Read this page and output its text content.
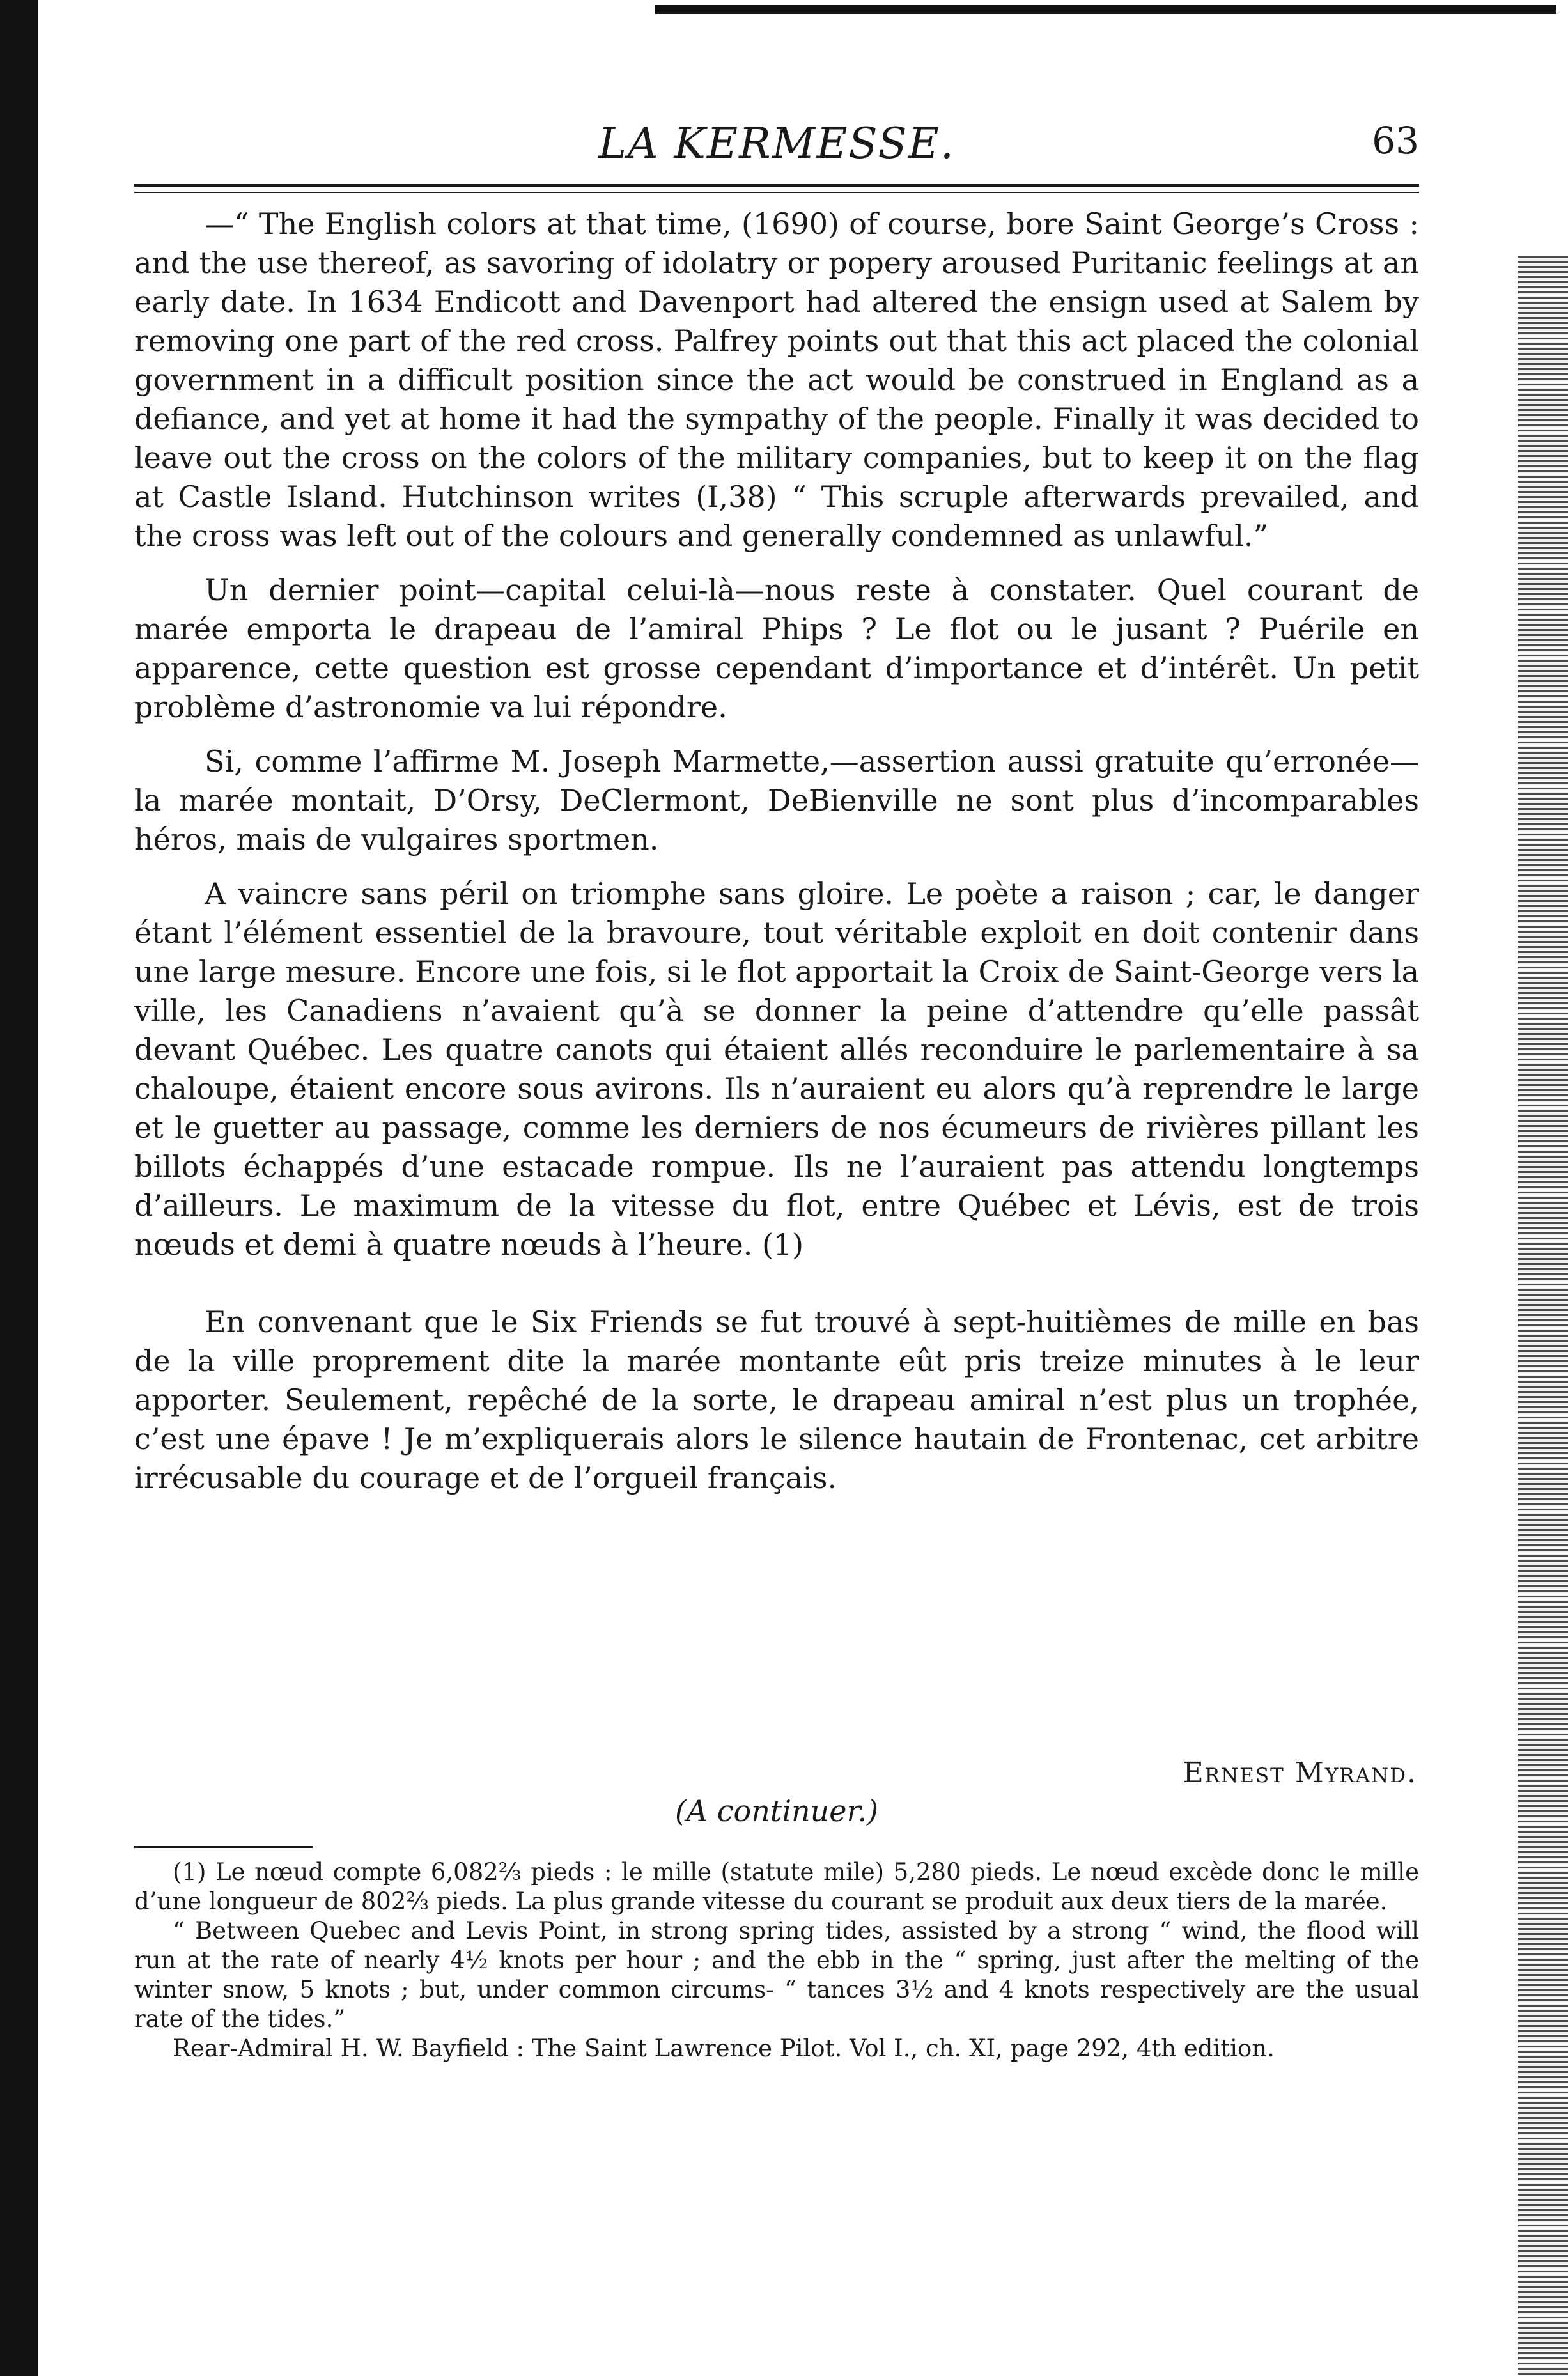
LA KERMESSE.	63

—“ The English colors at that time, (1690) of course, bore Saint George’s Cross : and the use thereof, as savoring of idolatry or popery aroused Puritanic feelings at an early date. In 1634 Endicott and Davenport had altered the ensign used at Salem by removing one part of the red cross. Palfrey points out that this act placed the colonial government in a difficult position since the act would be construed in England as a defiance, and yet at home it had the sympathy of the people. Finally it was decided to leave out the cross on the colors of the military companies, but to keep it on the flag at Castle Island. Hutchinson writes (I,38) “ This scruple afterwards prevailed, and the cross was left out of the colours and generally condemned as unlawful.”

Un dernier point—capital celui-là—nous reste à constater. Quel courant de marée emporta le drapeau de l’amiral Phips ? Le flot ou le jusant ? Puérile en apparence, cette question est grosse cependant d’importance et d’intérêt. Un petit problème d’astronomie va lui répondre.

Si, comme l’affirme M. Joseph Marmette,—assertion aussi gratuite qu’erronée—la marée montait, D’Orsy, DeClermont, DeBienville ne sont plus d’incomparables héros, mais de vulgaires sportmen.

A vaincre sans péril on triomphe sans gloire. Le poète a raison ; car, le danger étant l’élément essentiel de la bravoure, tout véritable exploit en doit contenir dans une large mesure. Encore une fois, si le flot apportait la Croix de Saint-George vers la ville, les Canadiens n’avaient qu’à se donner la peine d’attendre qu’elle passât devant Québec. Les quatre canots qui étaient allés reconduire le parlementaire à sa chaloupe, étaient encore sous avirons. Ils n’auraient eu alors qu’à reprendre le large et le guetter au passage, comme les derniers de nos écumeurs de rivières pillant les billots échappés d’une estacade rompue. Ils ne l’auraient pas attendu longtemps d’ailleurs. Le maximum de la vitesse du flot, entre Québec et Lévis, est de trois nœuds et demi à quatre nœuds à l’heure. (1)

En convenant que le Six Friends se fut trouvé à sept-huitièmes de mille en bas de la ville proprement dite la marée montante eût pris treize minutes à le leur apporter. Seulement, repêché de la sorte, le drapeau amiral n’est plus un trophée, c’est une épave ! Je m’expliquerais alors le silence hautain de Frontenac, cet arbitre irrécusable du courage et de l’orgueil français.

Ernest Myrand.
(A continuer.)

(1) Le nœud compte 6,082⅔ pieds : le mille (statute mile) 5,280 pieds. Le nœud excède donc le mille d’une longueur de 802⅔ pieds. La plus grande vitesse du courant se produit aux deux tiers de la marée.

“ Between Quebec and Levis Point, in strong spring tides, assisted by a strong “ wind, the flood will run at the rate of nearly 4½ knots per hour ; and the ebb in the “ spring, just after the melting of the winter snow, 5 knots ; but, under common circums- “ tances 3½ and 4 knots respectively are the usual rate of the tides.”

Rear-Admiral H. W. Bayfield : The Saint Lawrence Pilot. Vol I., ch. XI, page 292, 4th edition.
